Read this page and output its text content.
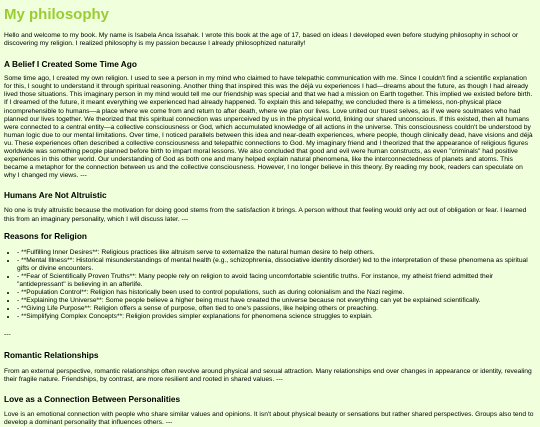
My philosophy

Hello and welcome to my book. My name is Isabela Anca Issahak. I wrote this book at the age of 17, based on ideas I developed even before studying philosophy in school or discovering my religion. I realized philosophy is my passion because I already philosophized naturally!

A Belief I Created Some Time Ago

Some time ago, I created my own religion. I used to see a person in my mind who claimed to have telepathic communication with me. Since I couldn't find a scientific explanation for this, I sought to understand it through spiritual reasoning. Another thing that inspired this was the déjà vu experiences I had—dreams about the future, as though I had already lived those situations. This imaginary person in my mind would tell me our friendship was special and that we had a mission on Earth together. This implied we existed before birth. If I dreamed of the future, it meant everything we experienced had already happened. To explain this and telepathy, we concluded there is a timeless, non-physical place incomprehensible to humans—a place where we come from and return to after death, where we plan our lives. Love united our truest selves, as if we were soulmates who had planned our lives together. We theorized that this spiritual connection was unperceived by us in the physical world, linking our shared unconscious. If this existed, then all humans were connected to a central entity—a collective consciousness or God, which accumulated knowledge of all actions in the universe. This consciousness couldn't be understood by human logic due to our mental limitations. Over time, I noticed parallels between this idea and near-death experiences, where people, though clinically dead, have visions and déjà vu. These experiences often described a collective consciousness and telepathic connections to God. My imaginary friend and I theorized that the appearance of religious figures worldwide was something people planned before birth to impart moral lessons. We also concluded that good and evil were human constructs, as even "criminals" had positive experiences in this other world. Our understanding of God as both one and many helped explain natural phenomena, like the interconnectedness of planets and atoms. This became a metaphor for the connection between us and the collective consciousness. However, I no longer believe in this theory. By reading my book, readers can speculate on why I changed my views. ---

Humans Are Not Altruistic

No one is truly altruistic because the motivation for doing good stems from the satisfaction it brings. A person without that feeling would only act out of obligation or fear. I learned this from an imaginary personality, which I will discuss later. ---

Reasons for Religion
• - **Fulfilling Inner Desires**: Religious practices like altruism serve to externalize the natural human desire to help others.
• - **Mental Illness**: Historical misunderstandings of mental health (e.g., schizophrenia, dissociative identity disorder) led to the interpretation of these phenomena as spiritual gifts or divine encounters.
• - **Fear of Scientifically Proven Truths**: Many people rely on religion to avoid facing uncomfortable scientific truths. For instance, my atheist friend admitted their "antidepressant" is believing in an afterlife.
• - **Population Control**: Religion has historically been used to control populations, such as during colonialism and the Nazi regime.
• - **Explaining the Universe**: Some people believe a higher being must have created the universe because not everything can yet be explained scientifically.
• - **Giving Life Purpose**: Religion offers a sense of purpose, often tied to one's passions, like helping others or preaching.
• - **Simplifying Complex Concepts**: Religion provides simpler explanations for phenomena science struggles to explain.

---

Romantic Relationships

From an external perspective, romantic relationships often revolve around physical and sexual attraction. Many relationships end over changes in appearance or identity, revealing their fragile nature. Friendships, by contrast, are more resilient and rooted in shared values. ---

Love as a Connection Between Personalities

Love is an emotional connection with people who share similar values and opinions. It isn't about physical beauty or sensations but rather shared perspectives. Groups also tend to develop a dominant personality that influences others. ---
